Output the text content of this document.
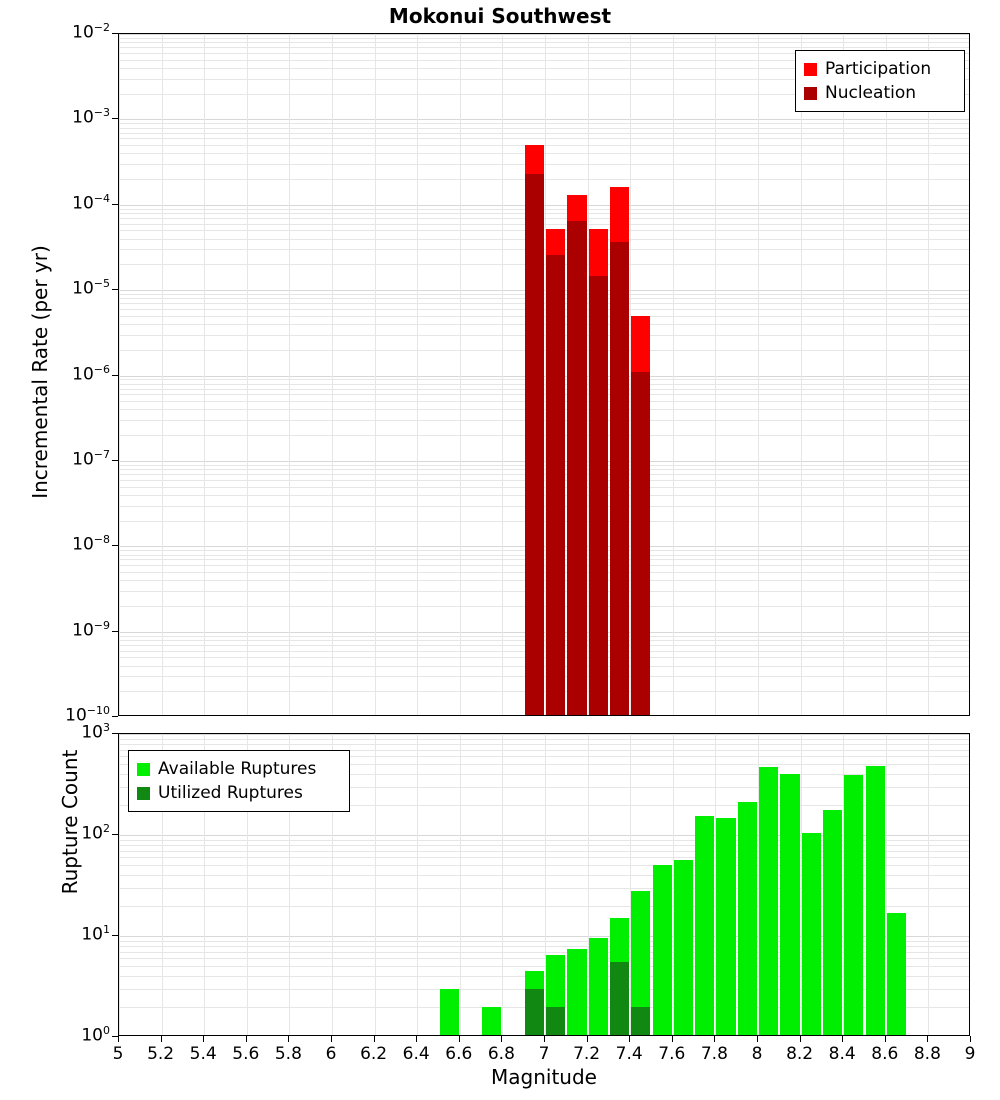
Mokonui Southwest
Incremental Rate (per yr)
Rupture Count
Magnitude
$10^{-2}$
$10^{-3}$
$10^{-4}$
$10^{-5}$
$10^{-6}$
$10^{-7}$
$10^{-8}$
$10^{-9}$
$10^{-10}$
$10^3$
$10^2$
$10^1$
$10^0$
5	5.2 5.4 5.6 5.8	6	6.2 6.4 6.6 6.8	7	7.2 7.4 7.6 7.8	8	8.2 8.4 8.6 8.8	9
Participation
Nucleation
Available Ruptures
Utilized Ruptures
